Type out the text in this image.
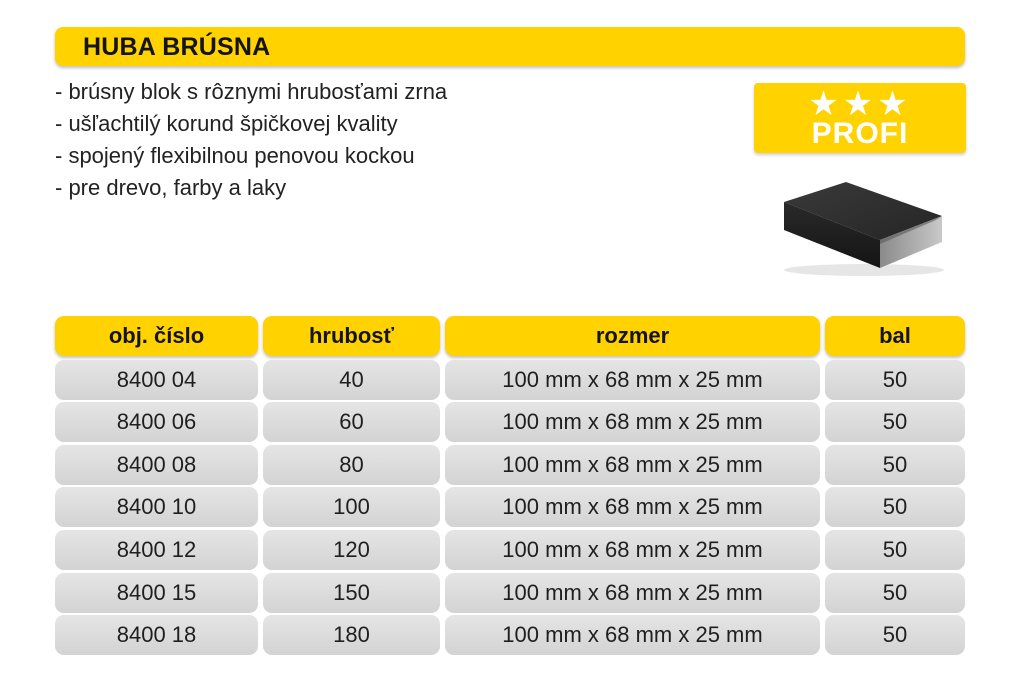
HUBA BRÚSNA
- brúsny blok s rôznymi hrubosťami zrna
- ušľachtilý korund špičkovej kvality
- spojený flexibilnou penovou kockou
- pre drevo, farby a laky
★★★
PROFI
obj. číslo	hrubosť	rozmer	bal
8400 04	40	100 mm x 68 mm x 25 mm	50
8400 06	60	100 mm x 68 mm x 25 mm	50
8400 08	80	100 mm x 68 mm x 25 mm	50
8400 10	100	100 mm x 68 mm x 25 mm	50
8400 12	120	100 mm x 68 mm x 25 mm	50
8400 15	150	100 mm x 68 mm x 25 mm	50
8400 18	180	100 mm x 68 mm x 25 mm	50
